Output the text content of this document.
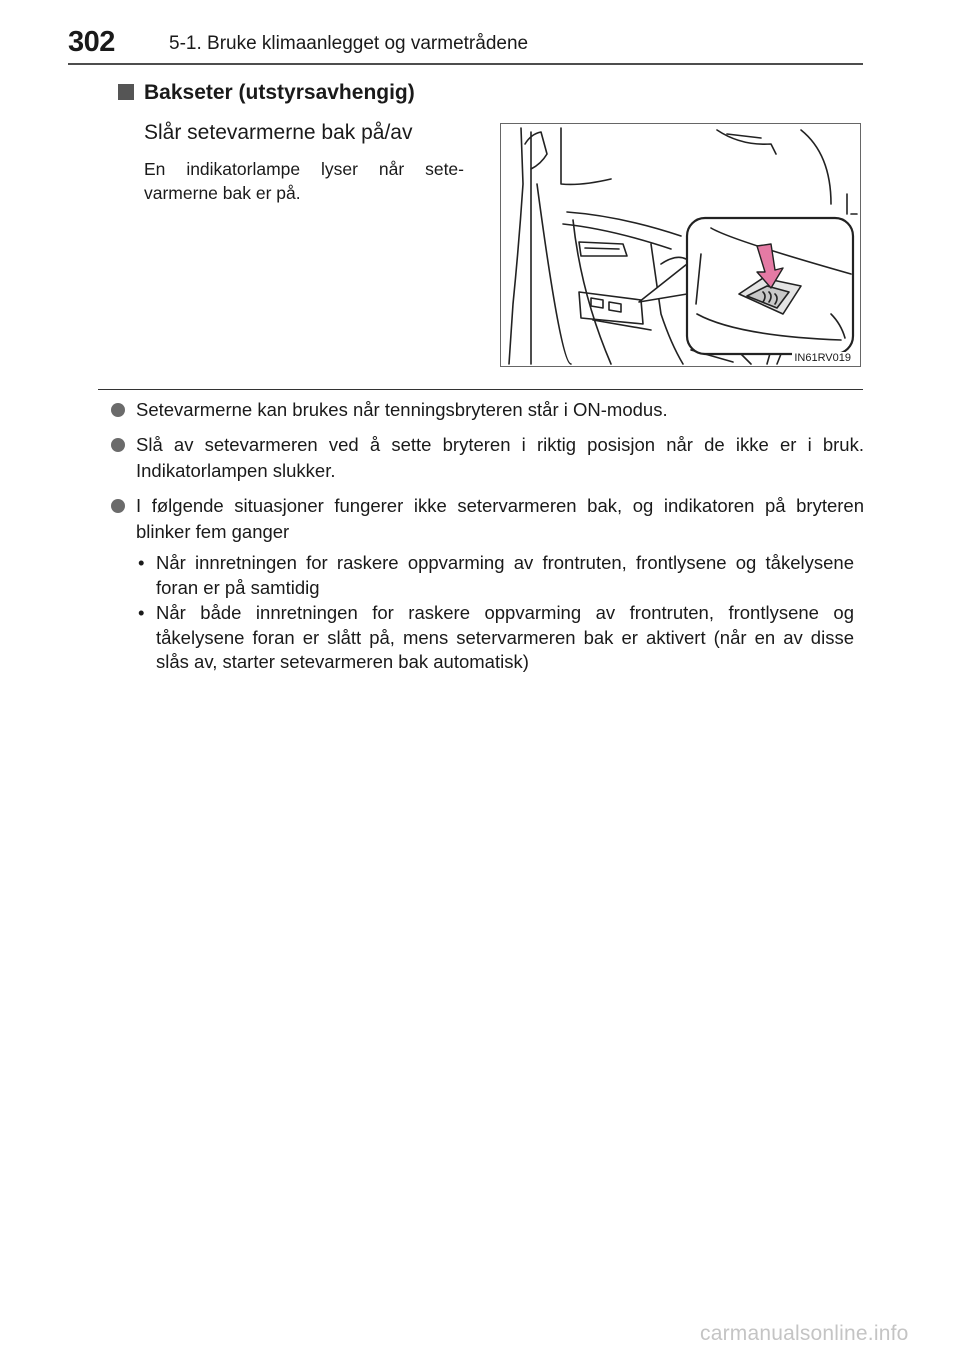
302	5-1. Bruke klimaanlegget og varmetrådene
Bakseter (utstyrsavhengig)
Slår setevarmerne bak på/av
En indikatorlampe lyser når sete-varmerne bak er på.
IN61RV019
Setevarmerne kan brukes når tenningsbryteren står i ON-modus.
Slå av setevarmeren ved å sette bryteren i riktig posisjon når de ikke er i bruk. Indikatorlampen slukker.
I følgende situasjoner fungerer ikke setervarmeren bak, og indikatoren på bryteren blinker fem ganger
• Når innretningen for raskere oppvarming av frontruten, frontlysene og tåkelysene foran er på samtidig
• Når både innretningen for raskere oppvarming av frontruten, frontlysene og tåkelysene foran er slått på, mens setervarmeren bak er aktivert (når en av disse slås av, starter setevarmeren bak automatisk)
carmanualsonline.info
